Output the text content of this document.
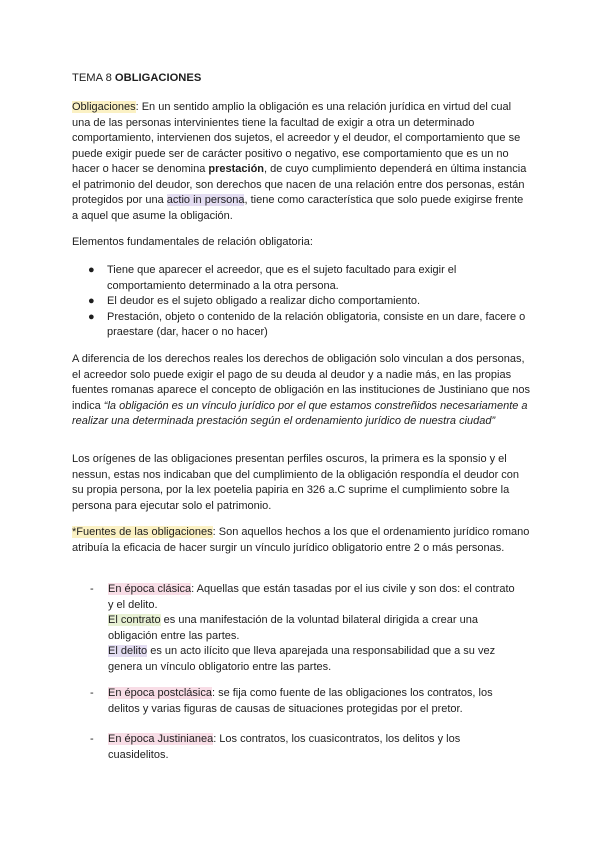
TEMA 8 OBLIGACIONES

Obligaciones: En un sentido amplio la obligación es una relación jurídica en virtud del cual una de las personas intervinientes tiene la facultad de exigir a otra un determinado comportamiento, intervienen dos sujetos, el acreedor y el deudor, el comportamiento que se puede exigir puede ser de carácter positivo o negativo, ese comportamiento que es un no hacer o hacer se denomina prestación, de cuyo cumplimiento dependerá en última instancia el patrimonio del deudor, son derechos que nacen de una relación entre dos personas, están protegidos por una actio in persona, tiene como característica que solo puede exigirse frente a aquel que asume la obligación.

Elementos fundamentales de relación obligatoria:

● Tiene que aparecer el acreedor, que es el sujeto facultado para exigir el comportamiento determinado a la otra persona.
● El deudor es el sujeto obligado a realizar dicho comportamiento.
● Prestación, objeto o contenido de la relación obligatoria, consiste en un dare, facere o praestare (dar, hacer o no hacer)

A diferencia de los derechos reales los derechos de obligación solo vinculan a dos personas, el acreedor solo puede exigir el pago de su deuda al deudor y a nadie más, en las propias fuentes romanas aparece el concepto de obligación en las instituciones de Justiniano que nos indica “la obligación es un vínculo jurídico por el que estamos constreñidos necesariamente a realizar una determinada prestación según el ordenamiento jurídico de nuestra ciudad”

Los orígenes de las obligaciones presentan perfiles oscuros, la primera es la sponsio y el nessun, estas nos indicaban que del cumplimiento de la obligación respondía el deudor con su propia persona, por la lex poetelia papiria en 326 a.C suprime el cumplimiento sobre la persona para ejecutar solo el patrimonio.

*Fuentes de las obligaciones: Son aquellos hechos a los que el ordenamiento jurídico romano atribuía la eficacia de hacer surgir un vínculo jurídico obligatorio entre 2 o más personas.

- En época clásica: Aquellas que están tasadas por el ius civile y son dos: el contrato y el delito.
El contrato es una manifestación de la voluntad bilateral dirigida a crear una obligación entre las partes.
El delito es un acto ilícito que lleva aparejada una responsabilidad que a su vez genera un vínculo obligatorio entre las partes.
- En época postclásica: se fija como fuente de las obligaciones los contratos, los delitos y varias figuras de causas de situaciones protegidas por el pretor.
- En época Justinianea: Los contratos, los cuasicontratos, los delitos y los cuasidelitos.
